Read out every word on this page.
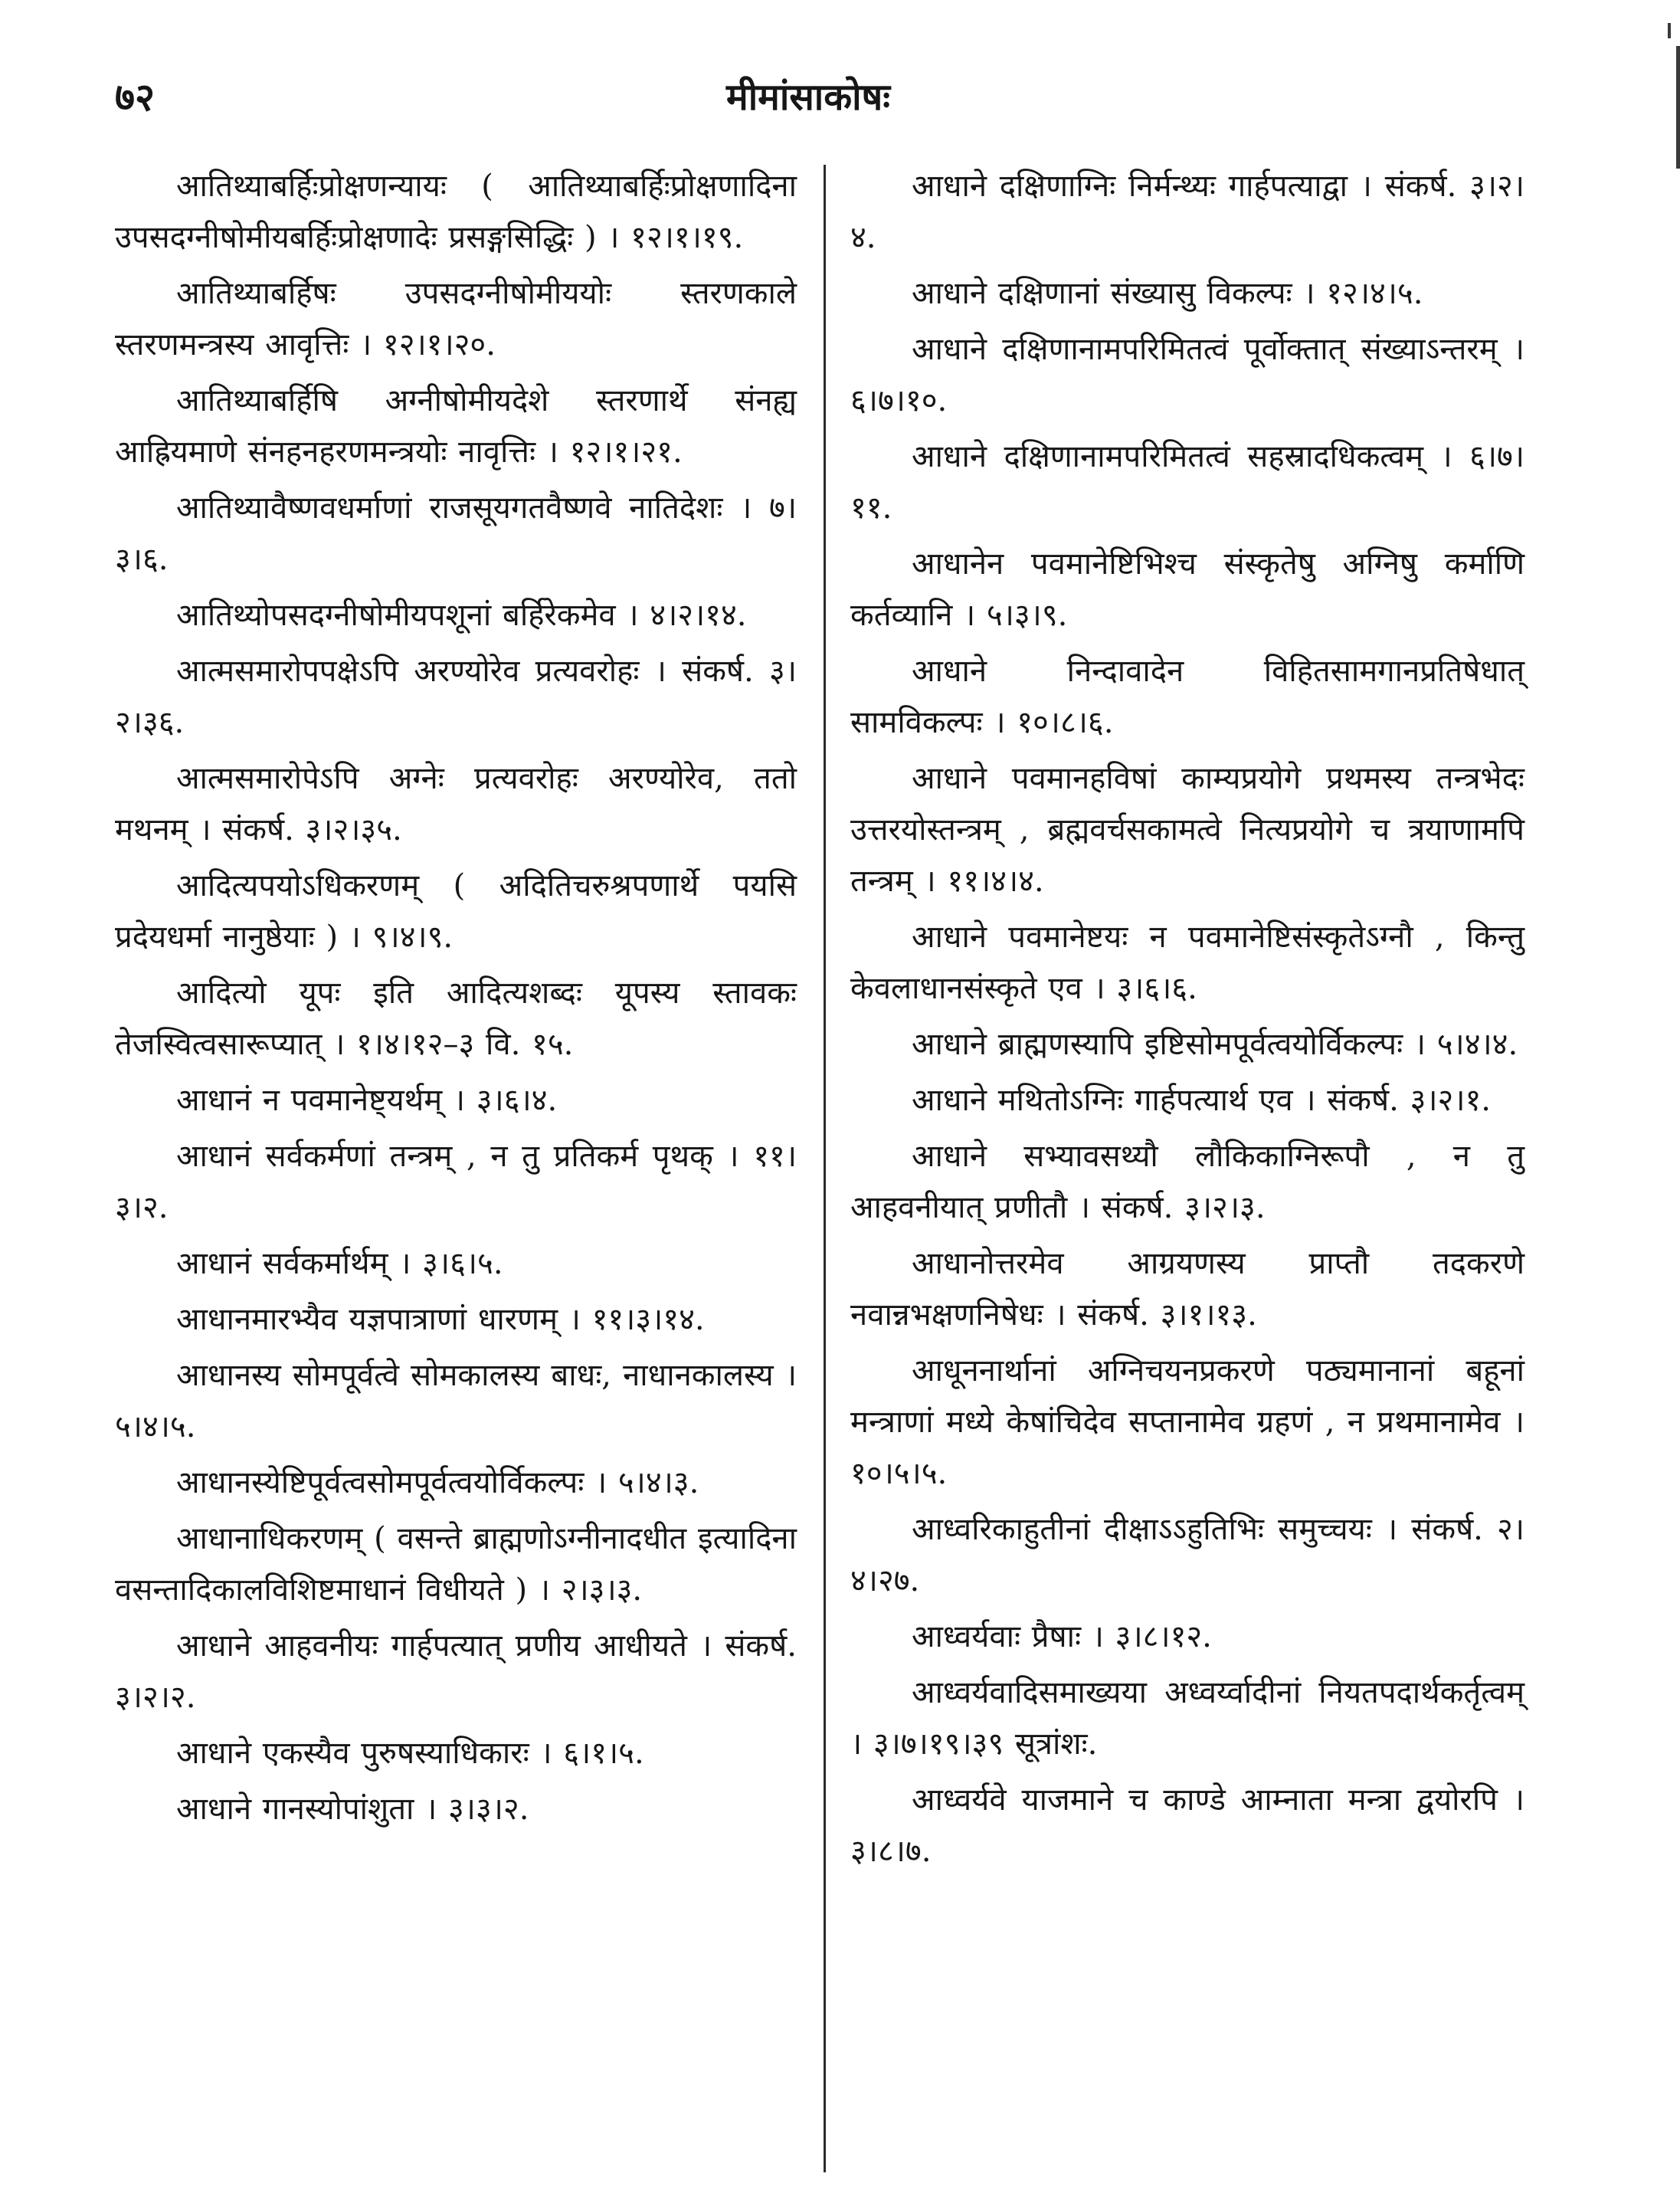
७२	मीमांसाकोषः

आतिथ्याबर्हिःप्रोक्षणन्यायः ( आतिथ्याबर्हिःप्रोक्षणादिना उपसदग्नीषोमीयबर्हिःप्रोक्षणादेः प्रसङ्गसिद्धिः ) । १२।१।१९.

आतिथ्याबर्हिषः उपसदग्नीषोमीययोः स्तरणकाले स्तरणमन्त्रस्य आवृत्तिः । १२।१।२०.

आतिथ्याबर्हिषि अग्नीषोमीयदेशे स्तरणार्थे संनह्य आह्रियमाणे संनहनहरणमन्त्रयोः नावृत्तिः । १२।१।२१.

आतिथ्यावैष्णवधर्माणां राजसूयगतवैष्णवे नातिदेशः । ७।३।६.

आतिथ्योपसदग्नीषोमीयपशूनां बर्हिरेकमेव । ४।२।१४.

आत्मसमारोपपक्षेऽपि अरण्योरेव प्रत्यवरोहः । संकर्ष. ३।२।३६.

आत्मसमारोपेऽपि अग्नेः प्रत्यवरोहः अरण्योरेव, ततो मथनम् । संकर्ष. ३।२।३५.

आदित्यपयोऽधिकरणम् ( अदितिचरुश्रपणार्थे पयसि प्रदेयधर्मा नानुष्ठेयाः ) । ९।४।९.

आदित्यो यूपः इति आदित्यशब्दः यूपस्य स्तावकः तेजस्वित्वसारूप्यात् । १।४।१२–३ वि. १५.

आधानं न पवमानेष्ट्यर्थम् । ३।६।४.

आधानं सर्वकर्मणां तन्त्रम् , न तु प्रतिकर्म पृथक् । ११।३।२.

आधानं सर्वकर्मार्थम् । ३।६।५.

आधानमारभ्यैव यज्ञपात्राणां धारणम् । ११।३।१४.

आधानस्य सोमपूर्वत्वे सोमकालस्य बाधः, नाधानकालस्य । ५।४।५.

आधानस्येष्टिपूर्वत्वसोमपूर्वत्वयोर्विकल्पः । ५।४।३.

आधानाधिकरणम् ( वसन्ते ब्राह्मणोऽग्नीनादधीत इत्यादिना वसन्तादिकालविशिष्टमाधानं विधीयते ) । २।३।३.

आधाने आहवनीयः गार्हपत्यात् प्रणीय आधीयते । संकर्ष. ३।२।२.

आधाने एकस्यैव पुरुषस्याधिकारः । ६।१।५.

आधाने गानस्योपांशुता । ३।३।२.

आधाने दक्षिणाग्निः निर्मन्थ्यः गार्हपत्याद्वा । संकर्ष. ३।२।४.

आधाने दक्षिणानां संख्यासु विकल्पः । १२।४।५.

आधाने दक्षिणानामपरिमितत्वं पूर्वोक्तात् संख्याऽन्तरम् । ६।७।१०.

आधाने दक्षिणानामपरिमितत्वं सहस्रादधिकत्वम् । ६।७।११.

आधानेन पवमानेष्टिभिश्च संस्कृतेषु अग्निषु कर्माणि कर्तव्यानि । ५।३।९.

आधाने निन्दावादेन विहितसामगानप्रतिषेधात् सामविकल्पः । १०।८।६.

आधाने पवमानहविषां काम्यप्रयोगे प्रथमस्य तन्त्रभेदः उत्तरयोस्तन्त्रम् , ब्रह्मवर्चसकामत्वे नित्यप्रयोगे च त्रयाणामपि तन्त्रम् । ११।४।४.

आधाने पवमानेष्टयः न पवमानेष्टिसंस्कृतेऽग्नौ , किन्तु केवलाधानसंस्कृते एव । ३।६।६.

आधाने ब्राह्मणस्यापि इष्टिसोमपूर्वत्वयोर्विकल्पः । ५।४।४.

आधाने मथितोऽग्निः गार्हपत्यार्थ एव । संकर्ष. ३।२।१.

आधाने सभ्यावसथ्यौ लौकिकाग्निरूपौ , न तु आहवनीयात् प्रणीतौ । संकर्ष. ३।२।३.

आधानोत्तरमेव आग्रयणस्य प्राप्तौ तदकरणे नवान्नभक्षणनिषेधः । संकर्ष. ३।१।१३.

आधूननार्थानां अग्निचयनप्रकरणे पठ्यमानानां बहूनां मन्त्राणां मध्ये केषांचिदेव सप्तानामेव ग्रहणं , न प्रथमानामेव । १०।५।५.

आध्वरिकाहुतीनां दीक्षाऽऽहुतिभिः समुच्चयः । संकर्ष. २।४।२७.

आध्वर्यवाः प्रैषाः । ३।८।१२.

आध्वर्यवादिसमाख्यया अध्वर्य्वादीनां नियतपदार्थकर्तृत्वम् । ३।७।१९।३९ सूत्रांशः.

आध्वर्यवे याजमाने च काण्डे आम्नाता मन्त्रा द्वयोरपि । ३।८।७.
